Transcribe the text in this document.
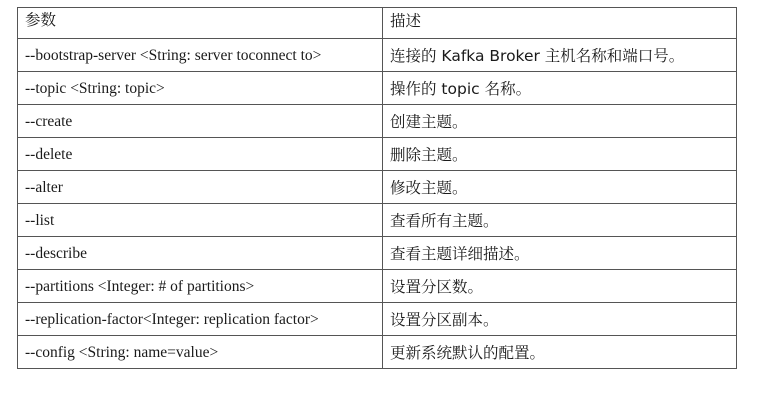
参数	描述
--bootstrap-server <String: server toconnect to>	连接的 Kafka Broker 主机名称和端口号。
--topic <String: topic>	操作的 topic 名称。
--create	创建主题。
--delete	删除主题。
--alter	修改主题。
--list	查看所有主题。
--describe	查看主题详细描述。
--partitions <Integer: # of partitions>	设置分区数。
--replication-factor<Integer: replication factor>	设置分区副本。
--config <String: name=value>	更新系统默认的配置。
